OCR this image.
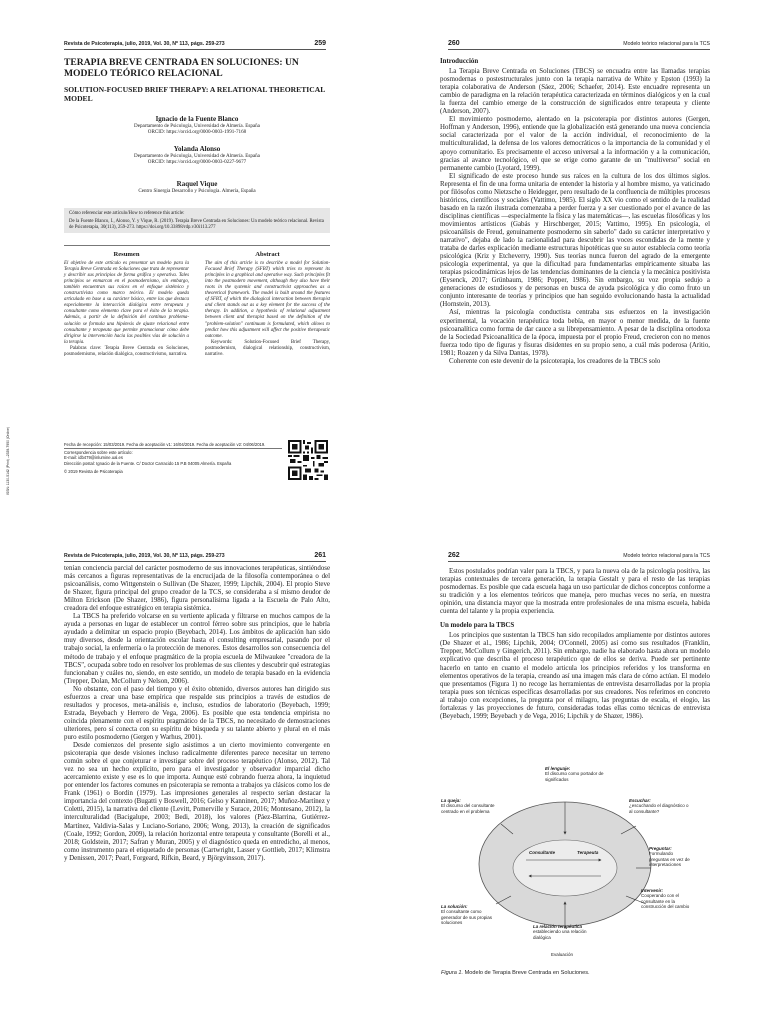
Revista de Psicoterapia, julio, 2019, Vol. 30, Nº 113, págs. 259-273	259
TERAPIA BREVE CENTRADA EN SOLUCIONES: UN MODELO TEÓRICO RELACIONAL
SOLUTION-FOCUSED BRIEF THERAPY: A RELATIONAL THEORETICAL MODEL
Ignacio de la Fuente Blanco
Departamento de Psicología, Universidad de Almería. España
ORCID: https://orcid.org/0000-0003-1991-7168
Yolanda Alonso
Departamento de Psicología, Universidad de Almería. España
ORCID: https://orcid.org/0000-0003-0227-9677
Raquel Vique
Centro Sinergia Desarrollo y Psicología. Almería, España
Cómo referenciar este artículo/How to reference this article:
De la Fuente Blanco, I., Alonso, Y. y Vique, R. (2019). Terapia Breve Centrada en Soluciones: Un modelo teórico relacional. Revista de Psicoterapia, 30(113), 259-273. https://doi.org/10.33898/rdp.v30i113.277
Resumen
El objetivo de este artículo es presentar un modelo para la Terapia Breve Centrada en Soluciones que trata de representar y describir sus principios de forma gráfica y operativa. Tales principios se enmarcan en el posmodernismo, sin embargo, también encuentran sus raíces en el enfoque sistémico y constructivista como marco teórico. El modelo queda articulado en base a su carácter básico, entre las que destaca especialmente la interacción dialógica entre terapeuta y consultante como elemento clave para el éxito de la terapia. Además, a partir de la definición del continuo problema-solución se formula una hipótesis de ajuste relacional entre consultante y terapeuta que permite promocionar cómo debe dirigirse la intervención hacia las posibles vías de solución a la terapia.
Palabras clave: Terapia Breve Centrada en Soluciones, posmodernismo, relación dialógica, constructivismo, narrativa.
Abstract
The aim of this article is to describe a model for Solution-Focused Brief Therapy (SFBT) which tries to represent its principles in a graphical and operative way. Such principles fit into the postmodern movement, although they also have their roots in the systemic and constructivist approaches as a theoretical framework. The model is built around the features of SFBT, of which the dialogical interaction between therapist and client stands out as a key element for the success of the therapy. In addition, a hypothesis of relational adjustment between client and therapist based on the definition of the "problem-solution" continuum is formulated, which allows to predict how this adjustment will affect the positive therapeutic outcome.
Keywords: Solution-Focused Brief Therapy, postmodernism, dialogical relationship, constructivism, narrative.
ISSN: 1130-5142 (Print) –2339-7950 (Online)	Fecha de recepción: 15/03/2019. Fecha de aceptación v1: 16/04/2019. Fecha de aceptación v2: 04/06/2019.
Correspondencia sobre este artículo:
E-mail: idb479@inlumine.ual.es
Dirección postal: Ignacio de la Fuente. C/ Doctor Carracido 15 P.B 04005 Almería. España
© 2019 Revista de Psicoterapia
260	Modelo teórico relacional para la TCS
Introducción

La Terapia Breve Centrada en Soluciones (TBCS) se encuadra entre las llamadas terapias posmodernas o postestructurales junto con la terapia narrativa de White y Epston (1993) la terapia colaborativa de Anderson (Sáez, 2006; Schaefer, 2014). Este encuadre representa un cambio de paradigma en la relación terapéutica caracterizada en términos dialógicos y en la cual la fuerza del cambio emerge de la construcción de significados entre terapeuta y cliente (Anderson, 2007).

El movimiento posmoderno, alentado en la psicoterapia por distintos autores (Gergen, Hoffman y Anderson, 1996), entiende que la globalización está generando una nueva conciencia social caracterizada por el valor de la acción individual, el reconocimiento de la multiculturalidad, la defensa de los valores democráticos o la importancia de la comunidad y el apoyo comunitario. Es precisamente el acceso universal a la información y a la comunicación, gracias al avance tecnológico, el que se erige como garante de un "multiverso" social en permanente cambio (Lyotard, 1999).

El significado de este proceso hunde sus raíces en la cultura de los dos últimos siglos. Representa el fin de una forma unitaria de entender la historia y al hombre mismo, ya vaticinado por filósofos como Nietzsche o Heidegger, pero resultado de la confluencia de múltiples procesos históricos, científicos y sociales (Vattimo, 1985). El siglo XX vio como el sentido de la realidad basado en la razón ilustrada comenzaba a perder fuerza y a ser cuestionado por el avance de las disciplinas científicas —especialmente la física y las matemáticas—, las escuelas filosóficas y los movimientos artísticos (Gabás y Hirschberger, 2015; Vattimo, 1995). En psicología, el psicoanálisis de Freud, genuinamente posmoderno sin saberlo" dado su carácter interpretativo y narrativo", dejaba de lado la racionalidad para descubrir las voces escondidas de la mente y trataba de darles explicación mediante estructuras hipotéticas que su autor establecía como teoría psicológica (Kriz y Etcheverry, 1990). Sus teorías nunca fueron del agrado de la emergente psicología experimental, ya que la dificultad para fundamentarlas empíricamente situaba las terapias psicodinámicas lejos de las tendencias dominantes de la ciencia y la mecánica positivista (Eysenck, 2017; Grünbaum, 1986; Popper, 1986). Sin embargo, su voz propia sedujo a generaciones de estudiosos y de personas en busca de ayuda psicológica y dio como fruto un conjunto interesante de teorías y principios que han seguido evolucionando hasta la actualidad (Hornstein, 2013).

Así, mientras la psicología conductista centraba sus esfuerzos en la investigación experimental, la vocación terapéutica toda bebía, en mayor o menor medida, de la fuente psicoanalítica como forma de dar cauce a su librepensamiento. A pesar de la disciplina ortodoxa de la Sociedad Psicoanalítica de la época, impuesta por el propio Freud, crecieron con no menos fuerza todo tipo de figuras y fisuras disidentes en su propio seno, a cuál más poderosa (Aritio, 1981; Roazen y da Silva Dantas, 1978).

Coherente con este devenir de la psicoterapia, los creadores de la TBCS solo

Revista de Psicoterapia, julio, 2019, Vol. 30, Nº 113, págs. 259-273	261

tenían conciencia parcial del carácter posmoderno de sus innovaciones terapéuticas, sintiéndose más cercanos a figuras representativas de la encrucijada de la filosofía contemporánea o del psicoanálisis, como Wittgenstein o Sullivan (De Shazer, 1999; Lipchik, 2004). El propio Steve de Shazer, figura principal del grupo creador de la TCS, se consideraba a sí mismo deudor de Milton Erickson (De Shazer, 1986), figura personalísima ligada a la Escuela de Palo Alto, creadora del enfoque estratégico en terapia sistémica.

La TBCS ha preferido volcarse en su vertiente aplicada y filtrarse en muchos campos de la ayuda a personas en lugar de establecer un control férreo sobre sus principios, que le habría ayudado a delimitar un espacio propio (Beyebach, 2014). Los ámbitos de aplicación han sido muy diversos, desde la orientación escolar hasta el consulting empresarial, pasando por el trabajo social, la enfermería o la protección de menores. Estos desarrollos son consecuencia del método de trabajo y el enfoque pragmático de la propia escuela de Milwaukee "creadora de la TBCS", ocupada sobre todo en resolver los problemas de sus clientes y descubrir qué estrategias funcionaban y cuáles no, siendo, en este sentido, un modelo de terapia basado en la evidencia (Trepper, Dolan, McCollum y Nelson, 2006).

No obstante, con el paso del tiempo y el éxito obtenido, diversos autores han dirigido sus esfuerzos a crear una base empírica que respalde sus principios a través de estudios de resultados y procesos, meta-análisis e, incluso, estudios de laboratorio (Beyebach, 1999; Estrada, Beyebach y Herrero de Vega, 2006). Es posible que esta tendencia empirista no coincida plenamente con el espíritu pragmático de la TBCS, no necesitado de demostraciones ulteriores, pero sí conecta con su espíritu de búsqueda y su talante abierto y plural en el más puro estilo posmoderno (Gergen y Warhus, 2001).

Desde comienzos del presente siglo asistimos a un cierto movimiento convergente en psicoterapia que desde visiones incluso radicalmente diferentes parece necesitar un terreno común sobre el que conjeturar e investigar sobre del proceso terapéutico (Alonso, 2012). Tal vez no sea un hecho explícito, pero para el investigador y observador imparcial dicho acercamiento existe y ese es lo que importa. Aunque esté cobrando fuerza ahora, la inquietud por entender los factores comunes en psicoterapia se remonta a trabajos ya clásicos como los de Frank (1961) o Bordin (1979). Las impresiones generales al respecto serían destacar la importancia del contexto (Bugatti y Boswell, 2016; Gelso y Kanninen, 2017; Muñoz-Martínez y Coletti, 2015), la narrativa del cliente (Levitt, Pomerville y Surace, 2016; Montesano, 2012), la interculturalidad (Bacigalupe, 2003; Bedi, 2018), los valores (Páez-Blarrina, Gutiérrez-Martínez, Valdivia-Salas y Luciano-Soriano, 2006; Wong, 2013), la creación de significados (Coale, 1992; Gordon, 2009), la relación horizontal entre terapeuta y consultante (Borelli et al., 2018; Goldstein, 2017; Safran y Muran, 2005) y el diagnóstico queda en entredicho, al menos, como instrumento para el etiquetado de personas (Cartwright, Lasser y Gottlieb, 2017; Klimstra y Denissen, 2017; Pearl, Forgeard, Rifkin, Beard, y Björgvinsson, 2017).

262	Modelo teórico relacional para la TCS

Estos postulados podrían valer para la TBCS, y para la nueva ola de la psicología positiva, las terapias contextuales de tercera generación, la terapia Gestalt y para el resto de las terapias posmodernas. Es posible que cada escuela haga un uso particular de dichos conceptos conforme a su tradición y a los elementos teóricos que maneja, pero muchas veces no sería, en nuestra opinión, una distancia mayor que la mostrada entre profesionales de una misma escuela, habida cuenta del talante y la propia experiencia.

Un modelo para la TBCS

Los principios que sustentan la TBCS han sido recopilados ampliamente por distintos autores (De Shazer et al., 1986; Lipchik, 2004; O'Connell, 2005) así como sus resultados (Franklin, Trepper, McCollum y Gingerich, 2011). Sin embargo, nadie ha elaborado hasta ahora un modelo explicativo que describa el proceso terapéutico que de ellos se deriva. Puede ser pertinente hacerlo en tanto en cuanto el modelo articula los principios referidos y los transforma en elementos operativos de la terapia, creando así una imagen más clara de cómo actúan. El modelo que presentamos (Figura 1) no recoge las herramientas de entrevista desarrolladas por la propia terapia pues son técnicas específicas desarrolladas por sus creadores. Nos referimos en concreto al trabajo con excepciones, la pregunta por el milagro, las preguntas de escala, el elogio, las fortalezas y las proyecciones de futuro, consideradas todas ellas como técnicas de entrevista (Beyebach, 1999; Beyebach y de Vega, 2016; Lipchik y de Shazer, 1986).

El lenguaje:
El discurso como portador de significados
La queja:
El discurso del consultante centrado en el problema
Escuchar:
¿escuchando el diagnóstico o al consultante?
Consultante	Terapeuta
Preguntar:
Formulando preguntas en vez de interpretaciones
Intervenir:
Cooperando con el consultante en la construcción del cambio
La solución:
El consultante como generador de sus propias soluciones
La relación terapéutica
estableciendo una relación dialógica
Evaluación
Figura 1. Modelo de Terapia Breve Centrada en Soluciones.
